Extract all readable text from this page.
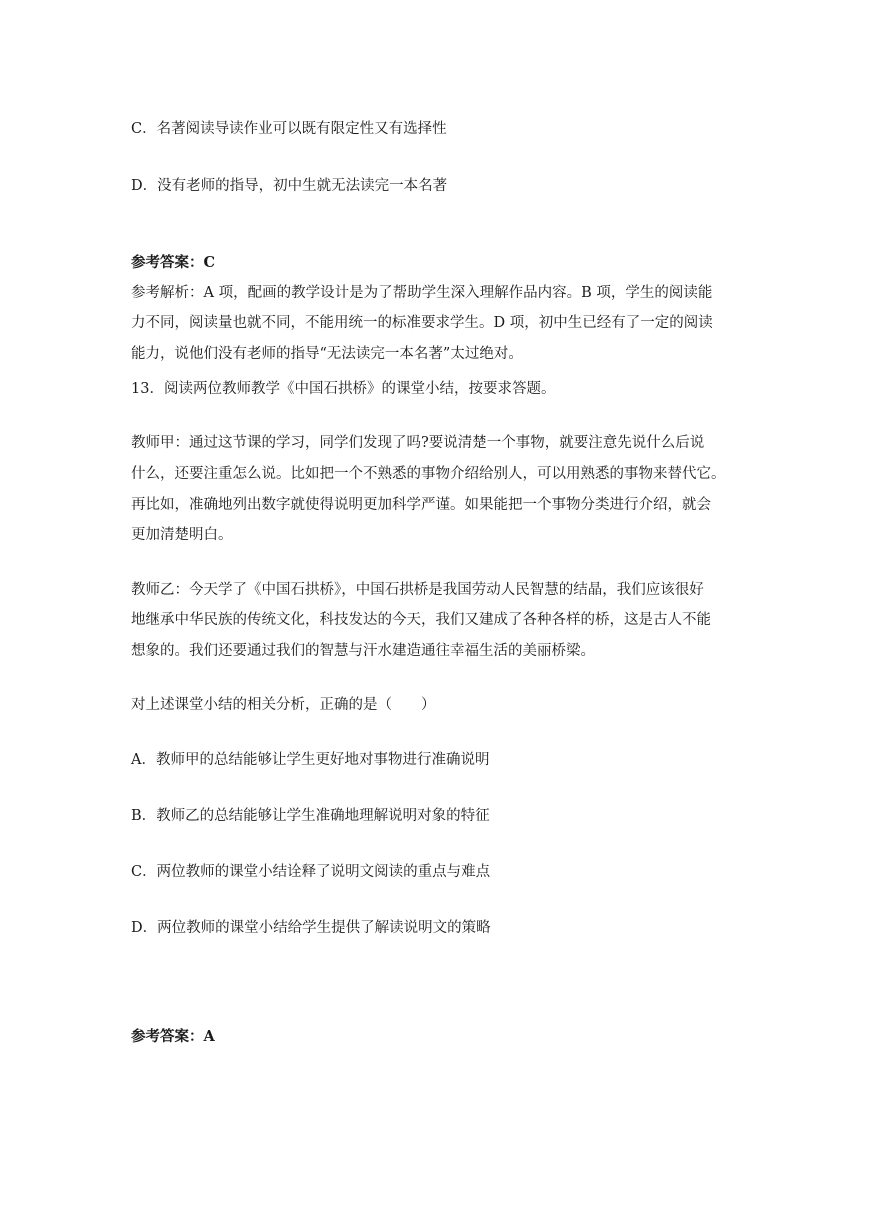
C．名著阅读导读作业可以既有限定性又有选择性
D．没有老师的指导，初中生就无法读完一本名著
参考答案：C
参考解析：A 项，配画的教学设计是为了帮助学生深入理解作品内容。B 项，学生的阅读能
力不同，阅读量也就不同，不能用统一的标准要求学生。D 项，初中生已经有了一定的阅读
能力，说他们没有老师的指导“无法读完一本名著”太过绝对。
13．阅读两位教师教学《中国石拱桥》的课堂小结，按要求答题。
教师甲：通过这节课的学习，同学们发现了吗?要说清楚一个事物，就要注意先说什么后说
什么，还要注重怎么说。比如把一个不熟悉的事物介绍给别人，可以用熟悉的事物来替代它。
再比如，准确地列出数字就使得说明更加科学严谨。如果能把一个事物分类进行介绍，就会
更加清楚明白。
教师乙：今天学了《中国石拱桥》，中国石拱桥是我国劳动人民智慧的结晶，我们应该很好
地继承中华民族的传统文化，科技发达的今天，我们又建成了各种各样的桥，这是古人不能
想象的。我们还要通过我们的智慧与汗水建造通往幸福生活的美丽桥梁。
对上述课堂小结的相关分析，正确的是（　　）
A．教师甲的总结能够让学生更好地对事物进行准确说明
B．教师乙的总结能够让学生准确地理解说明对象的特征
C．两位教师的课堂小结诠释了说明文阅读的重点与难点
D．两位教师的课堂小结给学生提供了解读说明文的策略
参考答案：A
